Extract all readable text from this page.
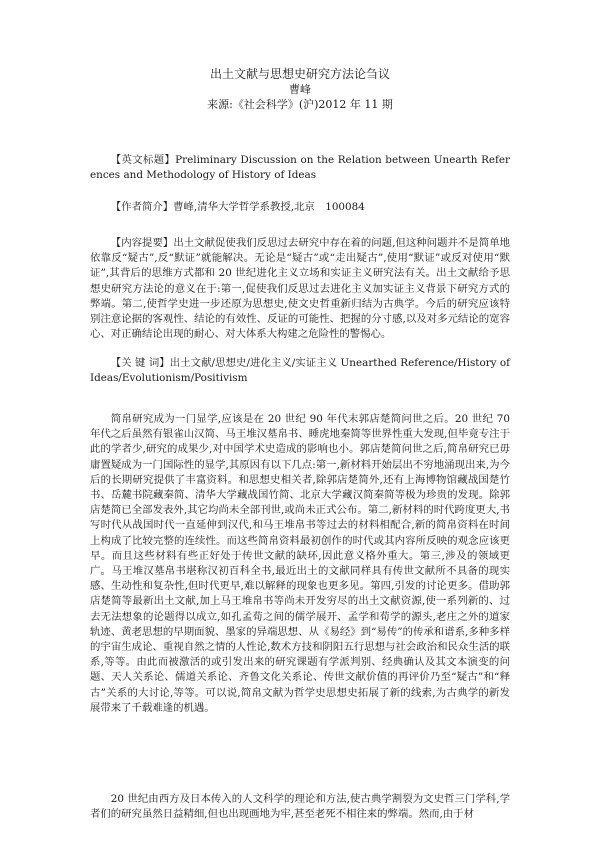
出土文献与思想史研究方法论刍议
曹峰
来源:《社会科学》(沪)2012 年 11 期
【英文标题】Preliminary Discussion on the Relation between Unearth References and Methodology of History of Ideas
【作者简介】曹峰,清华大学哲学系教授,北京　100084
【内容提要】出土文献促使我们反思过去研究中存在着的问题,但这种问题并不是简单地依靠反“疑古”,反“默证”就能解决。无论是“疑古”或“走出疑古”,使用“默证”或反对使用“默证”,其背后的思维方式都和 20 世纪进化主义立场和实证主义研究法有关。出土文献给予思想史研究方法论的意义在于:第一,促使我们反思过去进化主义加实证主义背景下研究方式的弊端。第二,使哲学史进一步还原为思想史,使文史哲重新归结为古典学。今后的研究应该特别注意论据的客观性、结论的有效性、反证的可能性、把握的分寸感,以及对多元结论的宽容心、对正确结论出现的耐心、对大体系大构建之危险性的警惕心。
【关 键 词】出土文献/思想史/进化主义/实证主义 Unearthed Reference/History of Ideas/Evolutionism/Positivism
简帛研究成为一门显学,应该是在 20 世纪 90 年代末郭店楚简问世之后。20 世纪 70 年代之后虽然有银雀山汉简、马王堆汉墓帛书、睡虎地秦简等世界性重大发现,但毕竟专注于此的学者少,研究的成果少,对中国学术史造成的影响也小。郭店楚简问世之后,简帛研究已毋庸置疑成为一门国际性的显学,其原因有以下几点:第一,新材料开始层出不穷地涌现出来,为今后的长期研究提供了丰富资料。和思想史相关者,除郭店楚简外,还有上海博物馆藏战国楚竹书、岳麓书院藏秦简、清华大学藏战国竹简、北京大学藏汉简秦简等极为珍贵的发现。除郭店楚简已全部发表外,其它均尚未全部刊世,或尚未正式公布。第二,新材料的时代跨度更大,书写时代从战国时代一直延伸到汉代,和马王堆帛书等过去的材料相配合,新的简帛资料在时间上构成了比较完整的连续性。而这些简帛资料最初创作的时代或其内容所反映的观念应该更早。而且这些材料有些正好处于传世文献的缺环,因此意义格外重大。第三,涉及的领域更广。马王堆汉墓帛书堪称汉初百科全书,最近出土的文献同样具有传世文献所不具备的现实感、生动性和复杂性,但时代更早,难以解释的现象也更多见。第四,引发的讨论更多。借助郭店楚简等最新出土文献,加上马王堆帛书等尚未开发穷尽的出土文献资源,使一系列新的、过去无法想象的论题得以成立,如孔孟荀之间的儒学展开、孟学和荀学的源头,老庄之外的道家轨迹、黄老思想的早期面貌、墨家的异端思想、从《易经》到“易传”的传承和谱系,多种多样的宇宙生成论、重视自然之情的人性论,数术方技和阴阳五行思想与社会政治和民众生活的联系,等等。由此而被激活的或引发出来的研究课题有学派判别、经典确认及其文本演变的问题、天人关系论、儒道关系论、齐鲁文化关系论、传世文献价值的再评价乃至“疑古”和“释古”关系的大讨论,等等。可以说,简帛文献为哲学史思想史拓展了新的线索,为古典学的新发展带来了千载难逢的机遇。
20 世纪由西方及日本传入的人文科学的理论和方法,使古典学割裂为文史哲三门学科,学者们的研究虽然日益精细,但也出现画地为牢,甚至老死不相往来的弊端。然而,由于材
